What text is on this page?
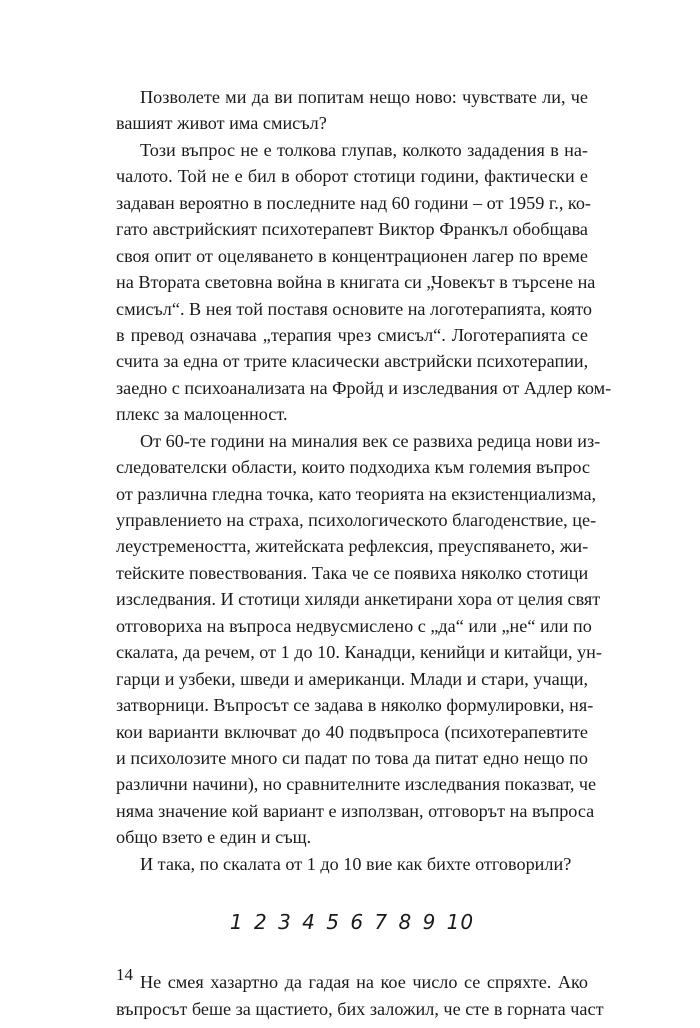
Позволете ми да ви попитам нещо ново: чувствате ли, че
вашият живот има смисъл?

Този въпрос не е толкова глупав, колкото зададения в на-
чалото. Той не е бил в оборот стотици години, фактически е
задаван вероятно в последните над 60 години – от 1959 г., ко-
гато австрийският психотерапевт Виктор Франкъл обобщава
своя опит от оцеляването в концентрационен лагер по време
на Втората световна война в книгата си „Човекът в търсене на
смисъл“. В нея той поставя основите на логотерапията, която
в превод означава „терапия чрез смисъл“. Логотерапията се
счита за една от трите класически австрийски психотерапии,
заедно с психоанализата на Фройд и изследвания от Адлер ком-
плекс за малоценност.

От 60-те години на миналия век се развиха редица нови из-
следователски области, които подходиха към големия въпрос
от различна гледна точка, като теорията на екзистенциализма,
управлението на страха, психологическото благоденствие, це-
леустремеността, житейската рефлексия, преуспяването, жи-
тейските повествования. Така че се появиха няколко стотици
изследвания. И стотици хиляди анкетирани хора от целия свят
отговориха на въпроса недвусмислено с „да“ или „не“ или по
скалата, да речем, от 1 до 10. Канадци, кенийци и китайци, ун-
гарци и узбеки, шведи и американци. Млади и стари, учащи,
затворници. Въпросът се задава в няколко формулировки, ня-
кои варианти включват до 40 подвъпроса (психотерапевтите
и психолозите много си падат по това да питат едно нещо по
различни начини), но сравнителните изследвания показват, че
няма значение кой вариант е използван, отговорът на въпроса
общо взето е един и същ.

И така, по скалата от 1 до 10 вие как бихте отговорили?

1 2 3 4 5 6 7 8 9 10

Не смея хазартно да гадая на кое число се спряхте. Ако
въпросът беше за щастието, бих заложил, че сте в горната част

14
